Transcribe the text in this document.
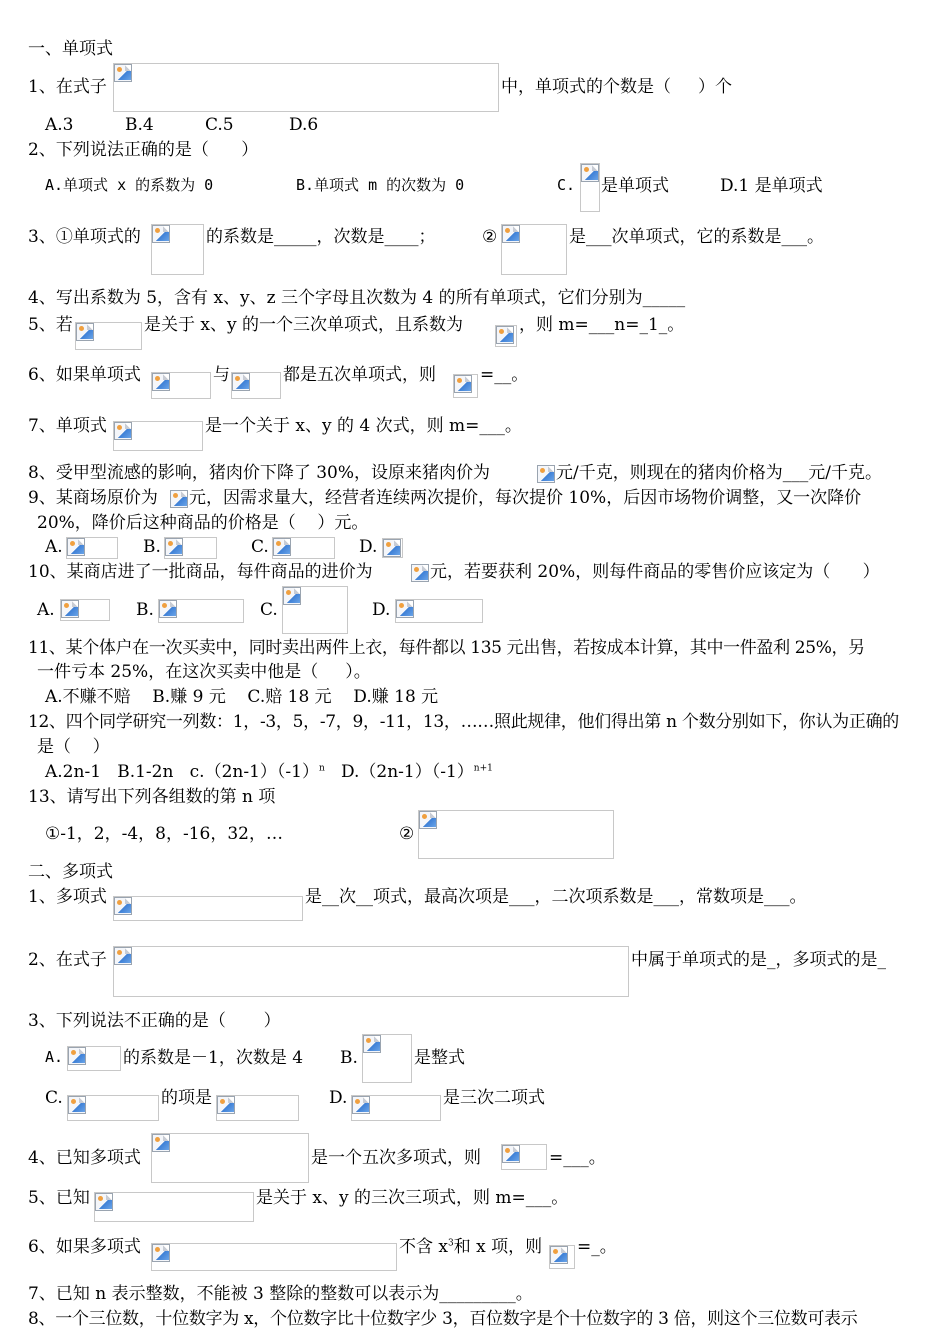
一、单项式
1、在式子	中，单项式的个数是（     ）个
A.3	B.4	C.5	D.6
2、下列说法正确的是（      ）
A.单项式 x 的系数为 0	B.单项式 m 的次数为 0	C. 是单项式	D.1 是单项式
3、①单项式的	的系数是_____，次数是____；	②	是___次单项式，它的系数是___。
4、写出系数为 5，含有 x、y、z 三个字母且次数为 4 的所有单项式，它们分别为_____
5、若	是关于 x、y 的一个三次单项式，且系数为	，则 m=___n=_1_。
6、如果单项式	与	都是五次单项式，则	=__。
7、单项式	是一个关于 x、y 的 4 次式，则 m=___。
8、受甲型流感的影响，猪肉价下降了 30%，设原来猪肉价为	元/千克，则现在的猪肉价格为___元/千克。
9、某商场原价为 元，因需求量大，经营者连续两次提价，每次提价 10%，后因市场物价调整，又一次降价
20%，降价后这种商品的价格是（    ）元。
A.	B.	C.	D.
10、某商店进了一批商品，每件商品的进价为	元，若要获利 20%，则每件商品的零售价应该定为（      ）
A.	B.	C.	D.
11、某个体户在一次买卖中，同时卖出两件上衣，每件都以 135 元出售，若按成本计算，其中一件盈利 25%，另
一件亏本 25%，在这次买卖中他是（     ）。
A.不赚不赔    B.赚 9 元    C.赔 18 元    D.赚 18 元
12、四个同学研究一列数：1，-3，5，-7，9，-11，13，……照此规律，他们得出第 n 个数分别如下，你认为正确的
是（    ）
A.2n-1   B.1-2n   $c.(2n-1)(-1)^n$   $D.(2n-1)(-1)^{n+1}$
13、请写出下列各组数的第 n 项
①-1，2，-4，8，-16，32，…	②
二、多项式
1、多项式	是__次__项式，最高次项是___，二次项系数是___，常数项是___。
2、在式子	中属于单项式的是_，多项式的是_
3、下列说法不正确的是（       ）
A.	的系数是－1，次数是 4 B.	是整式
C.	的项是	D.	是三次二项式
4、已知多项式	是一个五次多项式，则	=___。
5、已知	是关于 x、y 的三次三项式，则 m=___。
6、如果多项式	不含 $x^3$和 x 项，则 =_。
7、已知 n 表示整数，不能被 3 整除的整数可以表示为_________。
8、一个三位数，十位数字为 x，个位数字比十位数字少 3，百位数字是个十位数字的 3 倍，则这个三位数可表示
